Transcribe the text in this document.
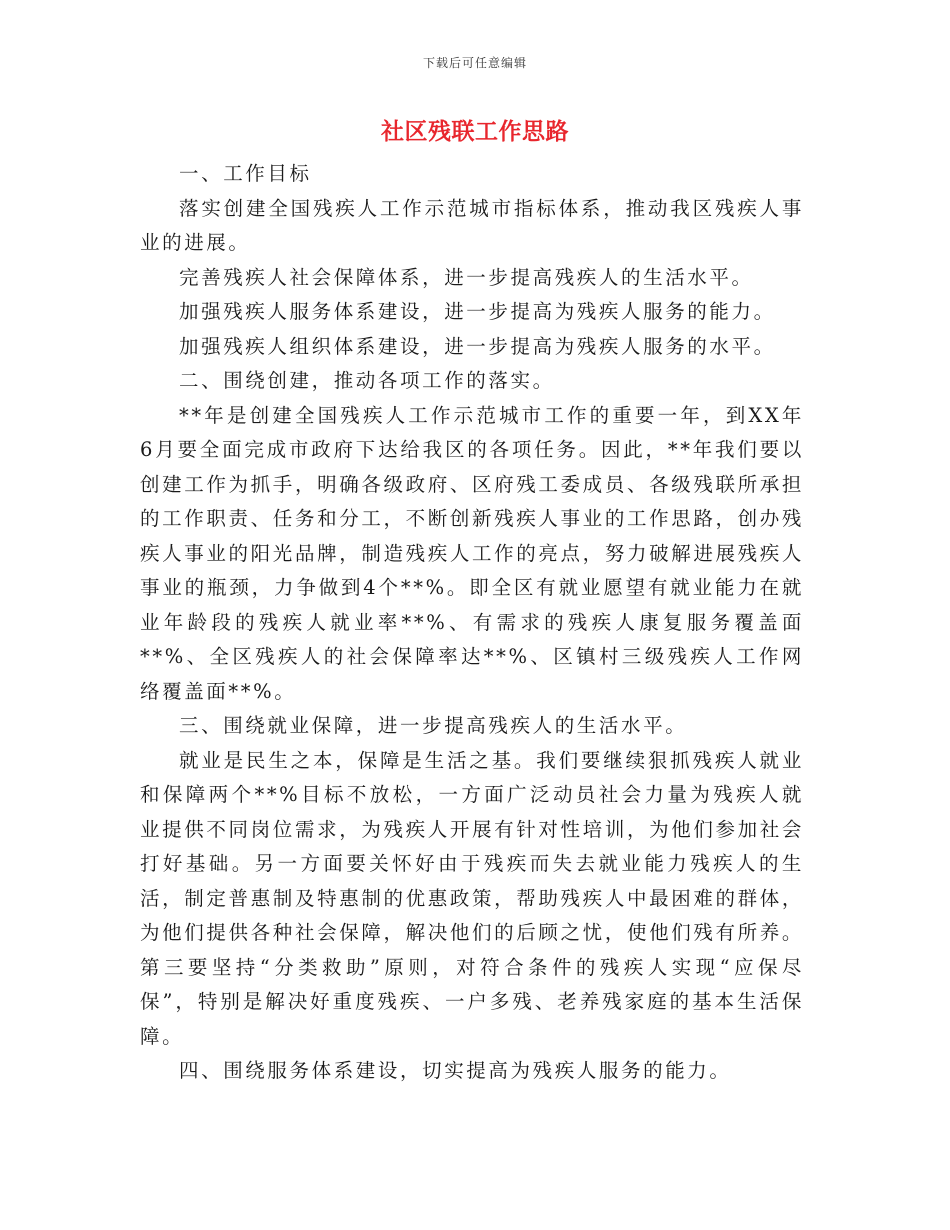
下载后可任意编辑
社区残联工作思路

一、工作目标

落实创建全国残疾人工作示范城市指标体系，推动我区残疾人事业的进展。

完善残疾人社会保障体系，进一步提高残疾人的生活水平。

加强残疾人服务体系建设，进一步提高为残疾人服务的能力。

加强残疾人组织体系建设，进一步提高为残疾人服务的水平。

二、围绕创建，推动各项工作的落实。

**年是创建全国残疾人工作示范城市工作的重要一年，到XX年6月要全面完成市政府下达给我区的各项任务。因此，**年我们要以创建工作为抓手，明确各级政府、区府残工委成员、各级残联所承担的工作职责、任务和分工，不断创新残疾人事业的工作思路，创办残疾人事业的阳光品牌，制造残疾人工作的亮点，努力破解进展残疾人事业的瓶颈，力争做到4个**%。即全区有就业愿望有就业能力在就业年龄段的残疾人就业率**%、有需求的残疾人康复服务覆盖面**%、全区残疾人的社会保障率达**%、区镇村三级残疾人工作网络覆盖面**%。

三、围绕就业保障，进一步提高残疾人的生活水平。

就业是民生之本，保障是生活之基。我们要继续狠抓残疾人就业和保障两个**%目标不放松，一方面广泛动员社会力量为残疾人就业提供不同岗位需求，为残疾人开展有针对性培训，为他们参加社会打好基础。另一方面要关怀好由于残疾而失去就业能力残疾人的生活，制定普惠制及特惠制的优惠政策，帮助残疾人中最困难的群体，为他们提供各种社会保障，解决他们的后顾之忧，使他们残有所养。第三要坚持“分类救助”原则，对符合条件的残疾人实现“应保尽保”，特别是解决好重度残疾、一户多残、老养残家庭的基本生活保障。

四、围绕服务体系建设，切实提高为残疾人服务的能力。
